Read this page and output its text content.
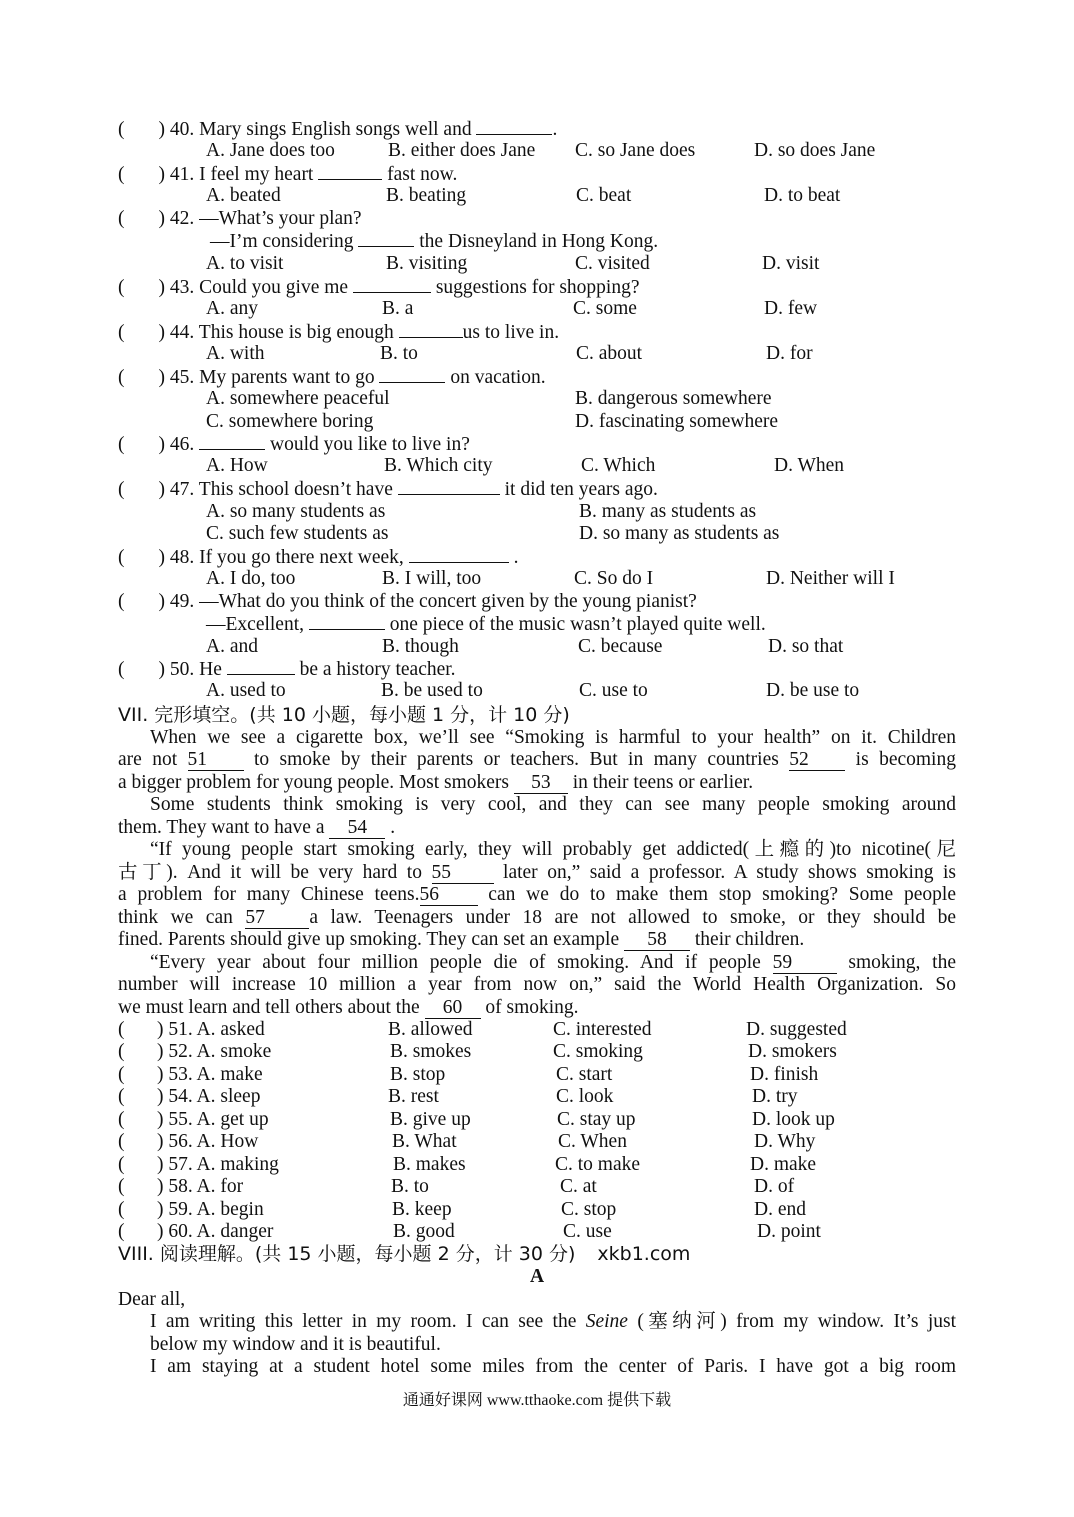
( ) 40. Mary sings English songs well and	.
A. Jane does too	B. either does Jane C. so Jane does	D. so does Jane
( ) 41. I feel my heart	fast now.
A. beated	B. beating	C. beat	D. to beat
( ) 42. —What’s your plan?
—I’m considering	the Disneyland in Hong Kong.
A. to visit	B. visiting	C. visited	D. visit
( ) 43. Could you give me	suggestions for shopping?
A. any	B. a	C. some	D. few
( ) 44. This house is big enough	us to live in.
A. with	B. to	C. about	D. for
( ) 45. My parents want to go	on vacation.
A. somewhere peaceful	B. dangerous somewhere
C. somewhere boring	D. fascinating somewhere
( ) 46.	would you like to live in?
A. How	B. Which city	C. Which	D. When
( ) 47. This school doesn’t have	it did ten years ago.
A. so many students as	B. many as students as
C. such few students as	D. so many as students as
( ) 48. If you go there next week,	.
A. I do, too	B. I will, too	C. So do I	D. Neither will I
( ) 49. —What do you think of the concert given by the young pianist?
—Excellent,	one piece of the music wasn’t played quite well.
A. and	B. though	C. because	D. so that
( ) 50. He	be a history teacher.
A. used to	B. be used to	C. use to	D. be use to
VII. 完形填空。(共 10 小题，每小题 1 分，计 10 分)
When we see a cigarette box, we’ll see “Smoking is harmful to your health” on it. Children
are not 51 to smoke by their parents or teachers. But in many countries 52 is becoming
a bigger problem for young people. Most smokers 53 in their teens or earlier.
Some students think smoking is very cool, and they can see many people smoking around
them. They want to have a 54 .
“If young people start smoking early, they will probably get addicted(上瘾的)to nicotine(尼
古丁). And it will be very hard to 55 later on,” said a professor. A study shows smoking is
a problem for many Chinese teens.56 can we do to make them stop smoking? Some people
think we can 57 a law. Teenagers under 18 are not allowed to smoke, or they should be
fined. Parents should give up smoking. They can set an example 58 their children.
“Every year about four million people die of smoking. And if people 59 smoking, the
number will increase 10 million a year from now on,” said the World Health Organization. So
we must learn and tell others about the 60 of smoking.
( ) 51. A. asked	B. allowed	C. interested	D. suggested
( ) 52. A. smoke	B. smokes	C. smoking	D. smokers
( ) 53. A. make	B. stop	C. start	D. finish
( ) 54. A. sleep	B. rest	C. look	D. try
( ) 55. A. get up	B. give up	C. stay up	D. look up
( ) 56. A. How	B. What	C. When	D. Why
( ) 57. A. making	B. makes	C. to make	D. make
( ) 58. A. for	B. to	C. at	D. of
( ) 59. A. begin	B. keep	C. stop	D. end
( ) 60. A. danger	B. good	C. use	D. point
VIII. 阅读理解。(共 15 小题，每小题 2 分，计 30 分) xkb1.com
A
Dear all,
I am writing this letter in my room. I can see the Seine (塞纳河) from my window. It’s just
below my window and it is beautiful.
I am staying at a student hotel some miles from the center of Paris. I have got a big room
通通好课网 www.tthaoke.com 提供下载
